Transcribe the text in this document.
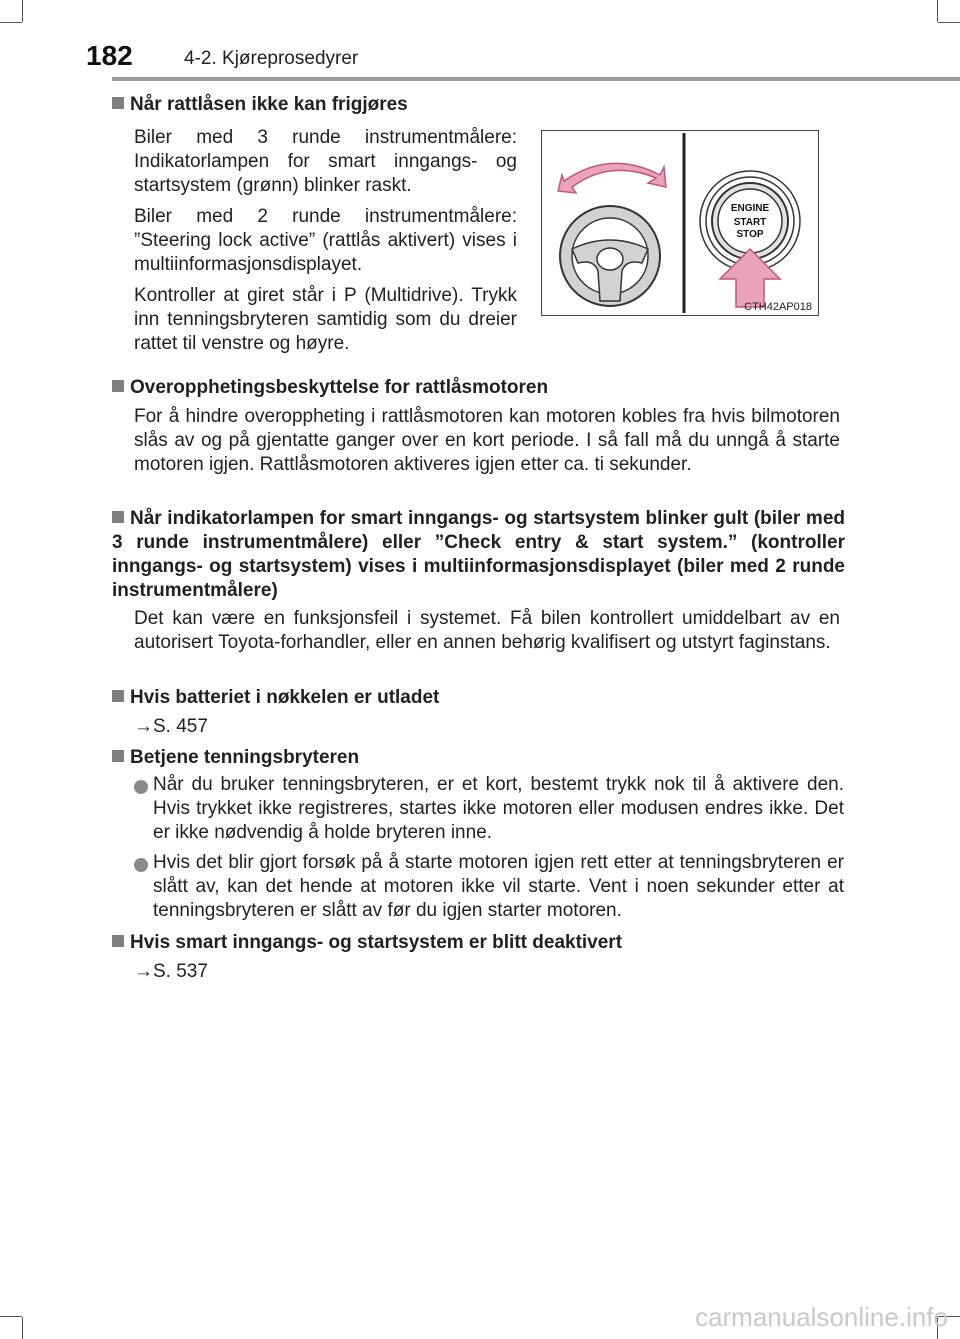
182	4-2. Kjøreprosedyrer
Når rattlåsen ikke kan frigjøres
Biler med 3 runde instrumentmålere: Indikatorlampen for smart inngangs- og startsystem (grønn) blinker raskt.
Biler med 2 runde instrumentmålere: ”Steering lock active” (rattlås aktivert) vises i multiinformasjonsdisplayet.
Kontroller at giret står i P (Multidrive). Trykk inn tenningsbryteren samtidig som du dreier rattet til venstre og høyre.
ENGINE
START
STOP
CTH42AP018
Overopphetingsbeskyttelse for rattlåsmotoren
For å hindre overoppheting i rattlåsmotoren kan motoren kobles fra hvis bilmotoren slås av og på gjentatte ganger over en kort periode. I så fall må du unngå å starte motoren igjen. Rattlåsmotoren aktiveres igjen etter ca. ti sekunder.
Når indikatorlampen for smart inngangs- og startsystem blinker gult (biler med 3 runde instrumentmålere) eller ”Check entry & start system.” (kontroller inngangs- og startsystem) vises i multiinformasjonsdisplayet (biler med 2 runde instrumentmålere)
Det kan være en funksjonsfeil i systemet. Få bilen kontrollert umiddelbart av en autorisert Toyota-forhandler, eller en annen behørig kvalifisert og utstyrt faginstans.
Hvis batteriet i nøkkelen er utladet
→S. 457
Betjene tenningsbryteren
Når du bruker tenningsbryteren, er et kort, bestemt trykk nok til å aktivere den. Hvis trykket ikke registreres, startes ikke motoren eller modusen endres ikke. Det er ikke nødvendig å holde bryteren inne.
Hvis det blir gjort forsøk på å starte motoren igjen rett etter at tenningsbryteren er slått av, kan det hende at motoren ikke vil starte. Vent i noen sekunder etter at tenningsbryteren er slått av før du igjen starter motoren.
Hvis smart inngangs- og startsystem er blitt deaktivert
→S. 537
carmanualsonline.info
